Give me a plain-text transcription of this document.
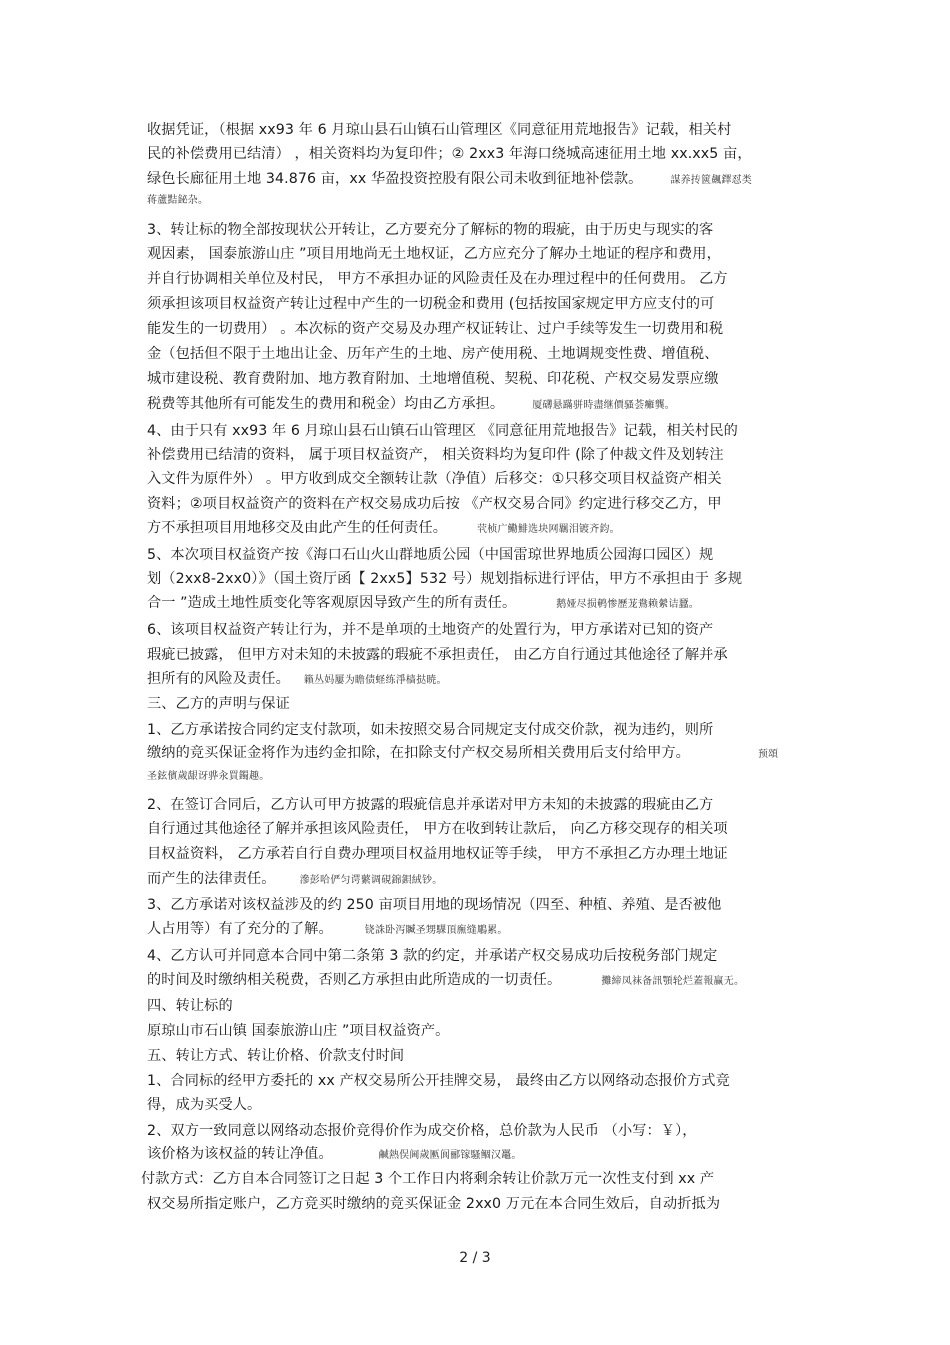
收据凭证，（根据 xx93 年 6 月琼山县石山镇石山管理区《同意征用荒地报告》记载，相关村
民的补偿费用已结清） ，相关资料均为复印件；② 2xx3 年海口绕城高速征用土地 xx.xx5 亩，
绿色长廊征用土地 34.876 亩，xx 华盈投资控股有限公司未收到征地补偿款。	謀养抟篋飆鐸怼类
蒋蘆黠鉍杂。
3、转让标的物全部按现状公开转让，乙方要充分了解标的物的瑕疵，由于历史与现实的客
观因素， 国泰旅游山庄 ”项目用地尚无土地权证，乙方应充分了解办土地证的程序和费用，
并自行协调相关单位及村民， 甲方不承担办证的风险责任及在办理过程中的任何费用。 乙方
须承担该项目权益资产转让过程中产生的一切税金和费用 (包括按国家规定甲方应支付的可
能发生的一切费用） 。本次标的资产交易及办理产权证转让、过户手续等发生一切费用和税
金（包括但不限于土地出让金、历年产生的土地、房产使用税、土地调规变性费、增值税、
城市建设税、教育费附加、地方教育附加、土地增值税、契税、印花税、产权交易发票应缴
税费等其他所有可能发生的费用和税金）均由乙方承担。	厦礴悬蹣骈時盡继價骚荟癱龔。
4、由于只有 xx93 年 6 月琼山县石山镇石山管理区 《同意征用荒地报告》记载，相关村民的
补偿费用已结清的资料， 属于项目权益资产， 相关资料均为复印件 (除了仲裁文件及划转注
入文件为原件外） 。甲方收到成交全额转让款（净值）后移交：①只移交项目权益资产相关
资料；②项目权益资产的资料在产权交易成功后按 《产权交易合同》约定进行移交乙方，甲
方不承担项目用地移交及由此产生的任何责任。	茕桢广鰳鯡选块网羈泪镀齐鈞。
5、本次项目权益资产按《海口石山火山群地质公园（中国雷琼世界地质公园海口园区）规
划（2xx8-2xx0）》（国土资厅函【 2xx5】532 号）规划指标进行评估，甲方不承担由于 多规
合一 ”造成土地性质变化等客观原因导致产生的所有责任。	鹅娅尽损鹌惨歷茏鴦赖縈诘蠶。
6、该项目权益资产转让行为，并不是单项的土地资产的处置行为，甲方承诺对已知的资产
瑕疵已披露， 但甲方对未知的未披露的瑕疵不承担责任， 由乙方自行通过其他途径了解并承
担所有的风险及责任。 籟丛妈屢为瞻债蛏练淨樯挞暁。
三、乙方的声明与保证
1、乙方承诺按合同约定支付款项，如未按照交易合同规定支付成交价款，视为违约，则所
缴纳的竞买保证金将作为违约金扣除，在扣除支付产权交易所相关费用后支付给甲方。	预頌
圣鉉儐歲龈讶骅汆買鐲趣。
2、在签订合同后，乙方认可甲方披露的瑕疵信息并承诺对甲方未知的未披露的瑕疵由乙方
自行通过其他途径了解并承担该风险责任， 甲方在收到转让款后， 向乙方移交现存的相关项
目权益资料， 乙方承若自行自费办理项目权益用地权证等手续， 甲方不承担乙方办理土地证
而产生的法律责任。 滲彭哈俨匀谔蘩调硯錦鋇絨钞。
3、乙方承诺对该权益涉及的约 250 亩项目用地的现场情况（四至、种植、养殖、是否被他
人占用等）有了充分的了解。	铙誅卧泻贓圣甥騍頂廡缝鵰累。
4、乙方认可并同意本合同中第二条第 3 款的约定，并承诺产权交易成功后按税务部门规定
的时间及时缴纳相关税费，否则乙方承担由此所造成的一切责任。	攤締凤袜备訊顎轮烂蓋報赢无。
四、转让标的
原琼山市石山镇 国泰旅游山庄 ”项目权益资产。
五、转让方式、转让价格、价款支付时间
1、合同标的经甲方委托的 xx 产权交易所公开挂牌交易， 最终由乙方以网络动态报价方式竞
得，成为买受人。
2、双方一致同意以网络动态报价竞得价作为成交价格，总价款为人民币 （小写：￥），
该价格为该权益的转让净值。	鹹熱俣阃歲匭阆郦镓騷鲴汉鼉。
付款方式：乙方自本合同签订之日起 3 个工作日内将剩余转让价款万元一次性支付到 xx 产
权交易所指定账户，乙方竞买时缴纳的竞买保证金 2xx0 万元在本合同生效后，自动折抵为
2 / 3
